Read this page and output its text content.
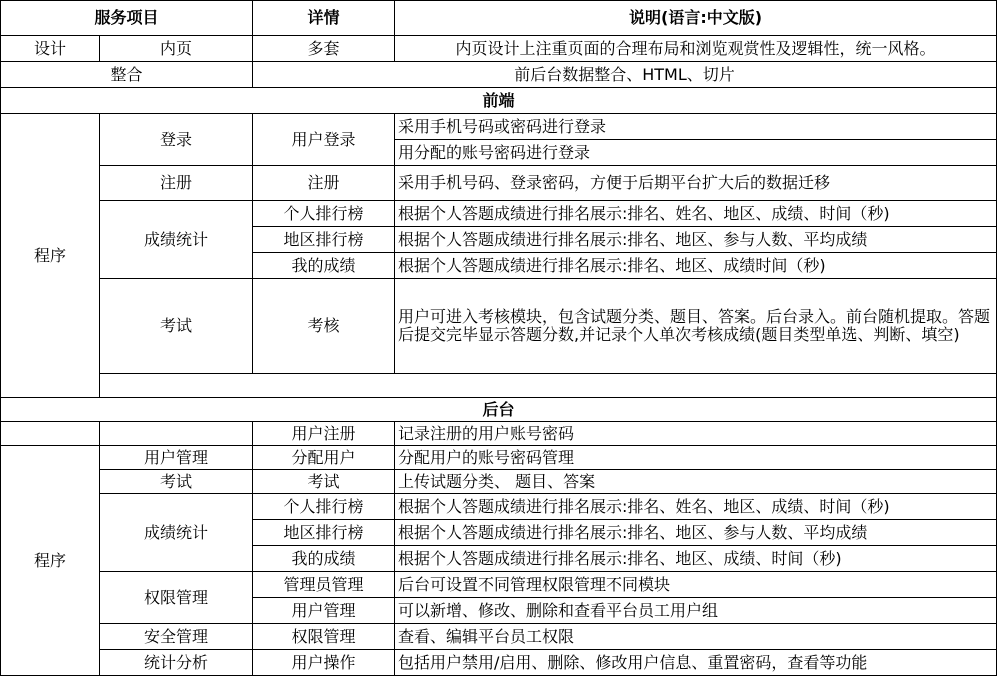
服务项目		详情	说明(语言:中文版)
设计	内页	多套	内页设计上注重页面的合理布局和浏览观赏性及逻辑性，统一风格。
整合		前后台数据整合、HTML、切片	
前端			
程序	登录	用户登录	采用手机号码或密码进行登录
			用分配的账号密码进行登录
	注册	注册	采用手机号码、登录密码，方便于后期平台扩大后的数据迁移
	成绩统计	个人排行榜	根据个人答题成绩进行排名展示:排名、姓名、地区、成绩、时间（秒)
		地区排行榜	根据个人答题成绩进行排名展示:排名、地区、参与人数、平均成绩
		我的成绩	根据个人答题成绩进行排名展示:排名、地区、成绩时间（秒)
	考试	考核	用户可进入考核模块，包含试题分类、题目、答案。后台录入。前台随机提取。答题后提交完毕显示答题分数,并记录个人单次考核成绩(题目类型单选、判断、填空)

后台			
		用户注册	记录注册的用户账号密码
程序	用户管理	分配用户	分配用户的账号密码管理
	考试	考试	上传试题分类、 题目、答案
	成绩统计	个人排行榜	根据个人答题成绩进行排名展示:排名、姓名、地区、成绩、时间（秒)
		地区排行榜	根据个人答题成绩进行排名展示:排名、地区、参与人数、平均成绩
		我的成绩	根据个人答题成绩进行排名展示:排名、地区、成绩、时间（秒)
	权限管理	管理员管理	后台可设置不同管理权限管理不同模块
		用户管理	可以新增、修改、删除和查看平台员工用户组
	安全管理	权限管理	查看、编辑平台员工权限
	统计分析	用户操作	包括用户禁用/启用、删除、修改用户信息、重置密码，查看等功能
